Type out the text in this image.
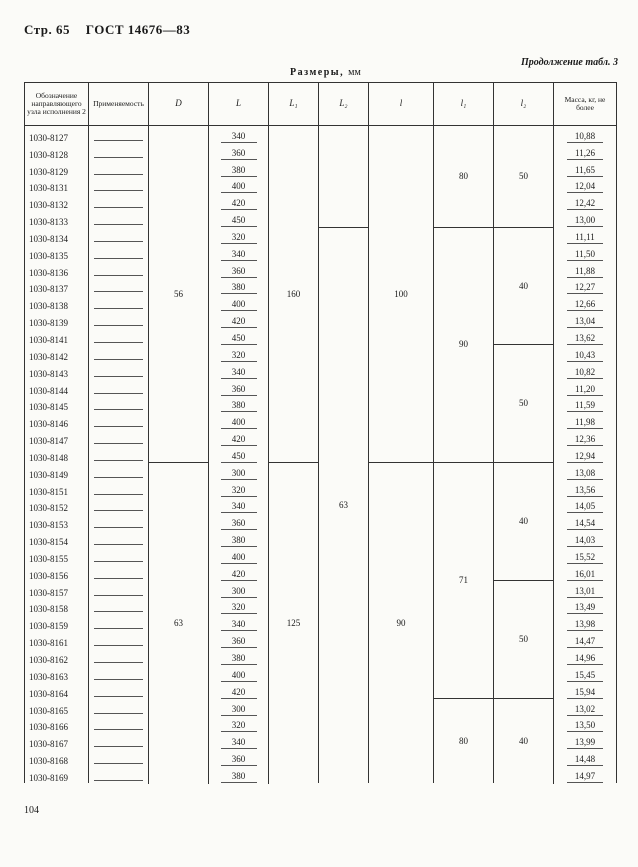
Стр. 65 ГОСТ 14676—83
Продолжение табл. 3
Размеры, мм
Обозначение направляющего узла исполнения 2	Применяемость	D	L	L₁	L₂	l	l₁	l₂	Масса, кг, не более
1030-8127		56	340	160		100	80	50	10,88
1030-8128			360						11,26
1030-8129			380						11,65
1030-8131			400						12,04
1030-8132			420						12,42
1030-8133			450						13,00
1030-8134			320		63		90	40	11,11
1030-8135			340						11,50
1030-8136			360						11,88
1030-8137			380						12,27
1030-8138			400						12,66
1030-8139			420						13,04
1030-8141			450						13,62
1030-8142			320					50	10,43
1030-8143			340						10,82
1030-8144			360						11,20
1030-8145			380						11,59
1030-8146			400						11,98
1030-8147			420						12,36
1030-8148			450						12,94
1030-8149		63	300	125		90	71	40	13,08
1030-8151			320						13,56
1030-8152			340						14,05
1030-8153			360						14,54
1030-8154			380						14,03
1030-8155			400						15,52
1030-8156			420						16,01
1030-8157			300					50	13,01
1030-8158			320						13,49
1030-8159			340						13,98
1030-8161			360						14,47
1030-8162			380						14,96
1030-8163			400						15,45
1030-8164			420						15,94
1030-8165			300				80	40	13,02
1030-8166			320						13,50
1030-8167			340						13,99
1030-8168			360						14,48
1030-8169			380						14,97
104
